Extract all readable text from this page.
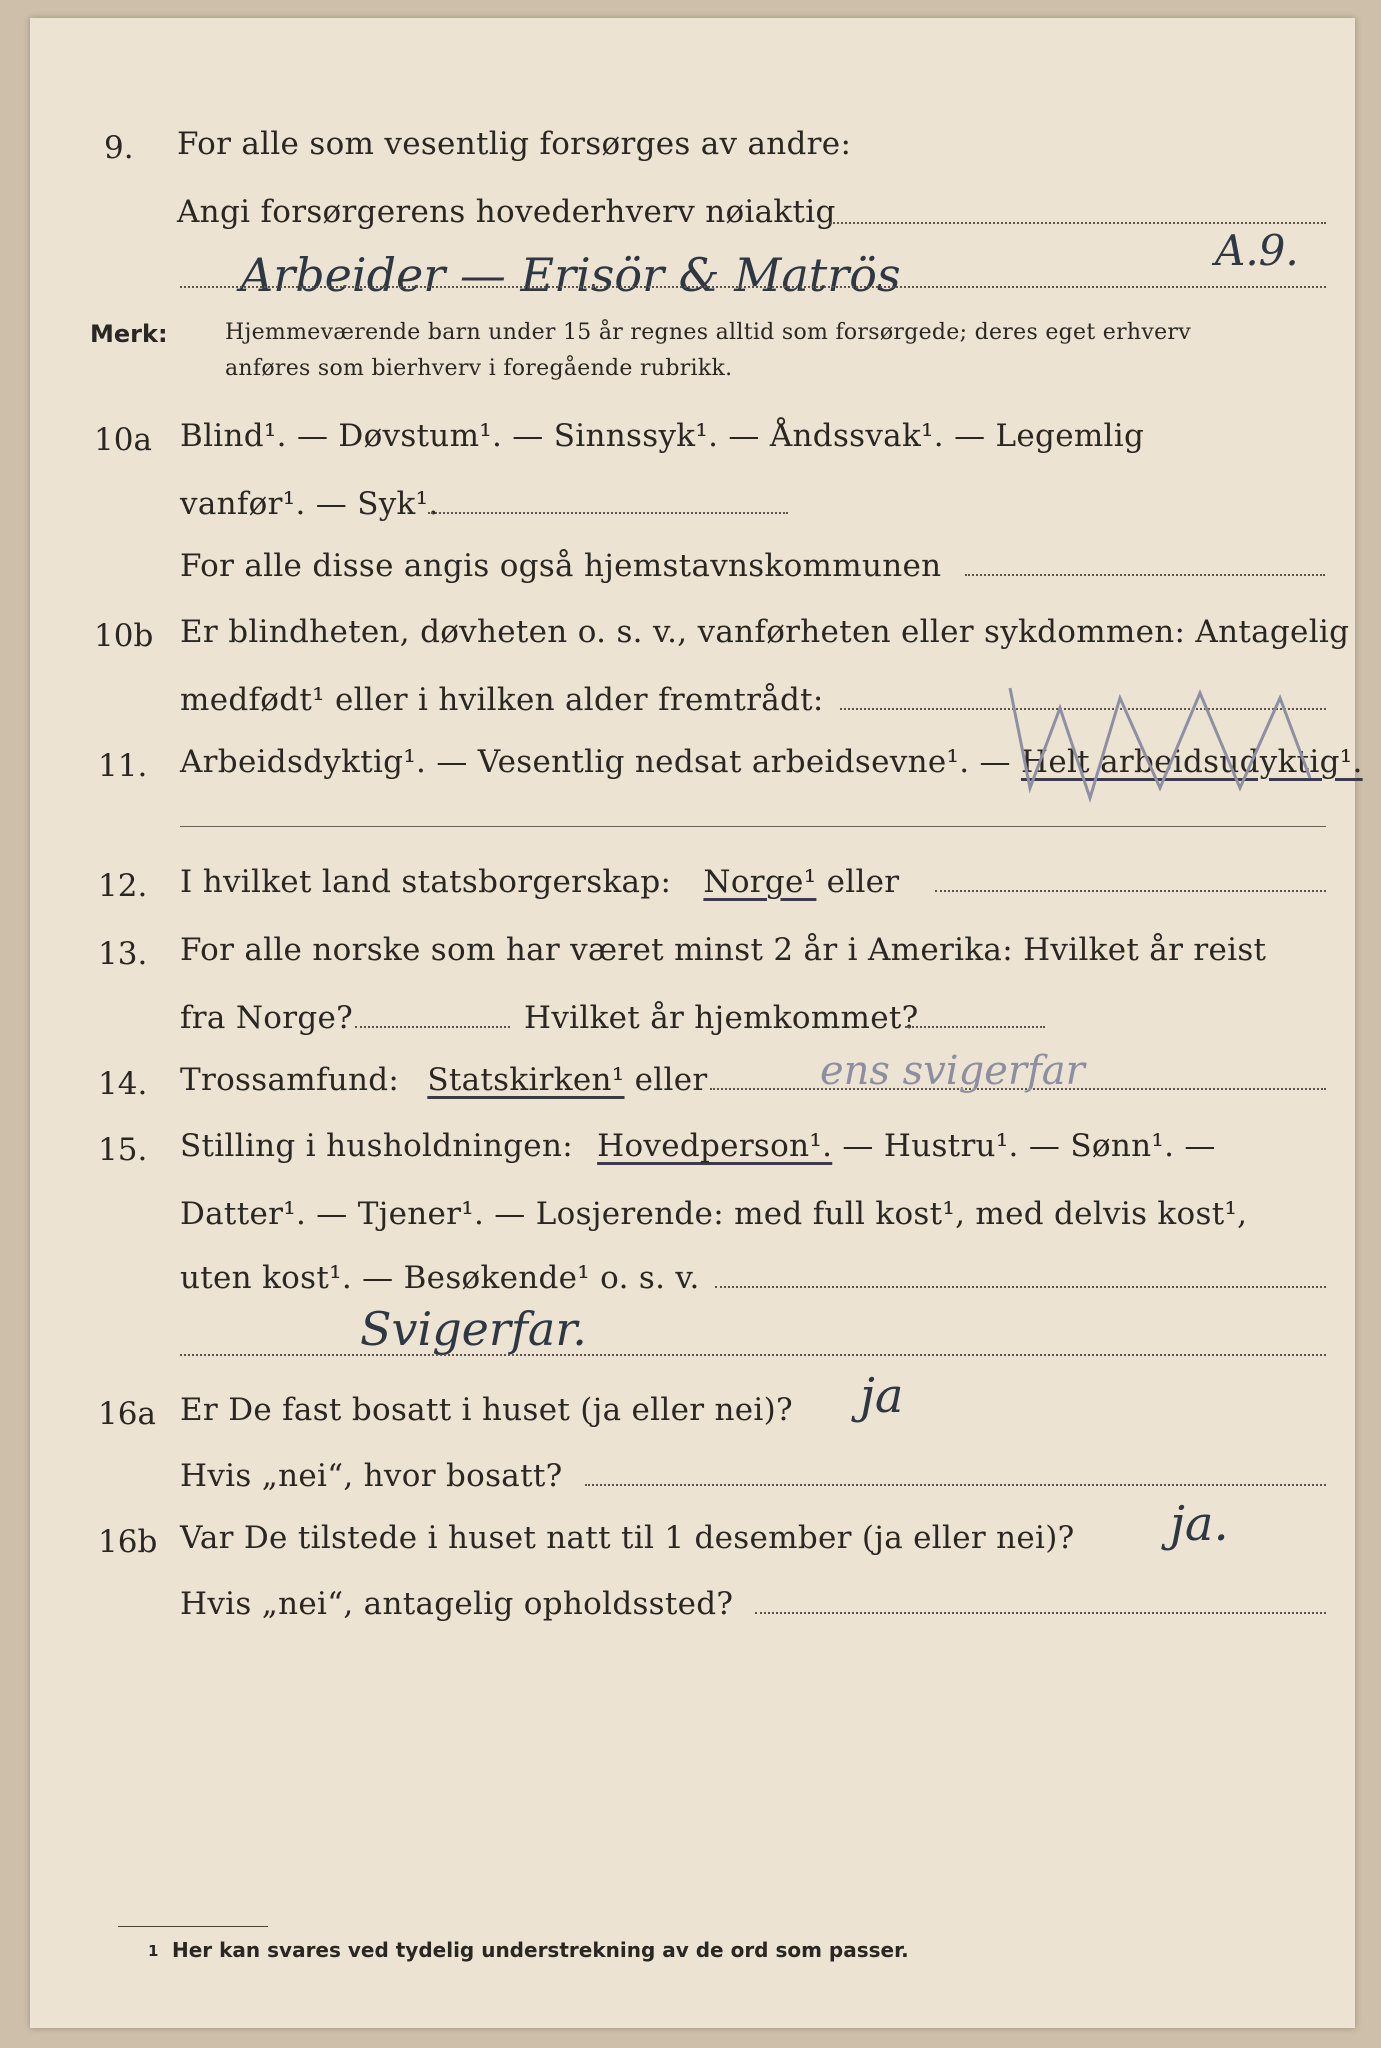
9. For alle som vesentlig forsørges av andre:
Angi forsørgerens hovederhverv nøiaktig
Arbeider — Erisör & Matrös	A.9.
Merk:	Hjemmeværende barn under 15 år regnes alltid som forsørgede; deres eget erhverv
anføres som bierhverv i foregående rubrikk.
10a Blind¹. — Døvstum¹. — Sinnssyk¹. — Åndssvak¹. — Legemlig
vanfør¹. — Syk¹.
For alle disse angis også hjemstavnskommunen
10b Er blindheten, døvheten o. s. v., vanførheten eller sykdommen: Antagelig
medfødt¹ eller i hvilken alder fremtrådt:
11. Arbeidsdyktig¹. — Vesentlig nedsat arbeidsevne¹. — Helt arbeidsudyktig¹.
12. I hvilket land statsborgerskap: Norge¹ eller
13. For alle norske som har været minst 2 år i Amerika: Hvilket år reist
fra Norge?	Hvilket år hjemkommet?
14. Trossamfund: Statskirken¹ eller	ens svigerfar
15. Stilling i husholdningen: Hovedperson¹. — Hustru¹. — Sønn¹. —
Datter¹. — Tjener¹. — Losjerende: med full kost¹, med delvis kost¹,
uten kost¹. — Besøkende¹ o. s. v.
Svigerfar.
16a Er De fast bosatt i huset (ja eller nei)? ja
Hvis „nei“, hvor bosatt?
16b Var De tilstede i huset natt til 1 desember (ja eller nei)? ja.
Hvis „nei“, antagelig opholdssted?
1 Her kan svares ved tydelig understrekning av de ord som passer.
